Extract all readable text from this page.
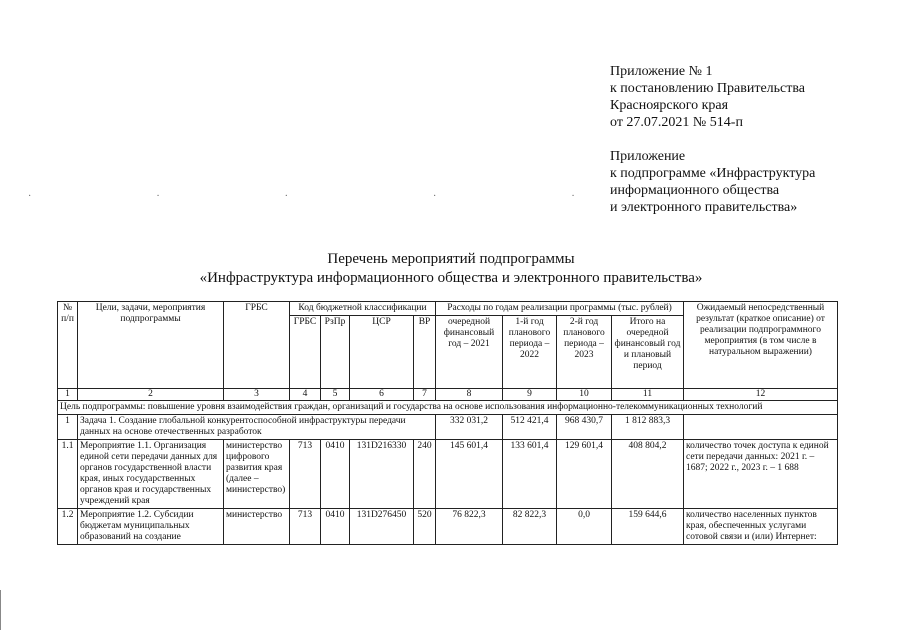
Приложение № 1
к постановлению Правительства
Красноярского края
от 27.07.2021 № 514-п
Приложение
к подпрограмме «Инфраструктура
информационного общества
и электронного правительства»
·                                                  ·                                                  ·                                                          ·                                                      ·
Перечень мероприятий подпрограммы
«Инфраструктура информационного общества и электронного правительства»
№ п/п	Цели, задачи, мероприятия подпрограммы	ГРБС	Код бюджетной классификации				Расходы по годам реализации программы (тыс. рублей)				Ожидаемый непосредственный результат (краткое описание) от реализации подпрограммного мероприятия (в том числе в натуральном выражении)
			ГРБС	РзПр	ЦСР	ВР	очередной финансовый год – 2021	1-й год планового периода – 2022	2-й год планового периода – 2023	Итого на очередной финансовый год и плановый период	
1	2	3	4	5	6	7	8	9	10	11	12
Цель подпрограммы: повышение уровня взаимодействия граждан, организаций и государства на основе использования информационно-телекоммуникационных технологий											
1	Задача 1. Создание глобальной конкурентоспособной инфраструктуры передачи данных на основе отечественных разработок						332 031,2	512 421,4	968 430,7	1 812 883,3	
1.1	Мероприятие 1.1. Организация единой сети передачи данных для органов государственной власти края, иных государственных органов края и государственных учреждений края	министерство цифрового развития края (далее – министерство)	713	0410	131D216330	240	145 601,4	133 601,4	129 601,4	408 804,2	количество точек доступа к единой сети передачи данных: 2021 г. –1687; 2022 г., 2023 г. – 1 688
1.2	Мероприятие 1.2. Субсидии бюджетам муниципальных образований на создание	министерство	713	0410	131D276450	520	76 822,3	82 822,3	0,0	159 644,6	количество населенных пунктов края, обеспеченных услугами сотовой связи и (или) Интернет:
